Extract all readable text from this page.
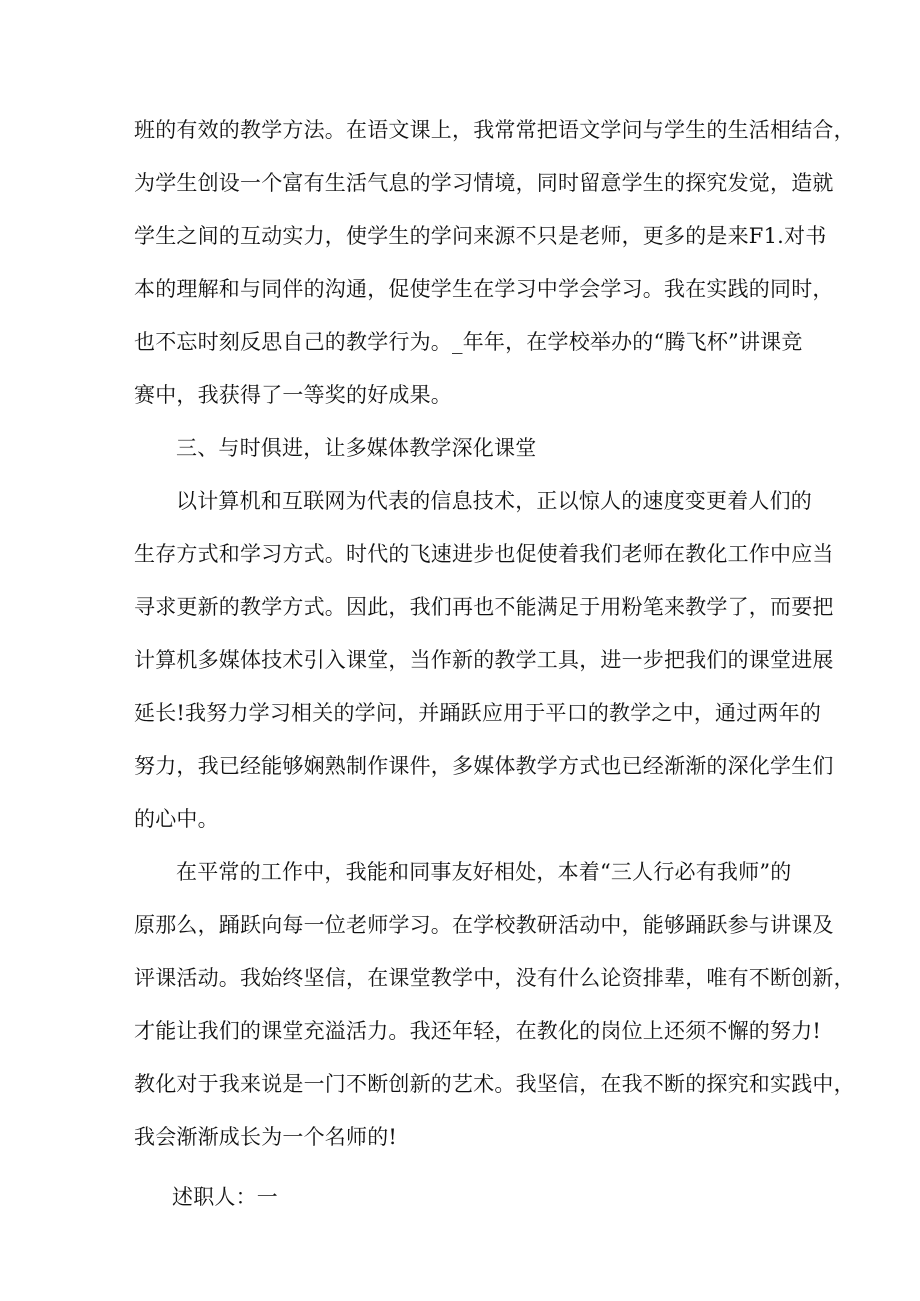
班的有效的教学方法。在语文课上，我常常把语文学问与学生的生活相结合，
为学生创设一个富有生活气息的学习情境，同时留意学生的探究发觉，造就
学生之间的互动实力，使学生的学问来源不只是老师，更多的是来F1.对书
本的理解和与同伴的沟通，促使学生在学习中学会学习。我在实践的同时，
也不忘时刻反思自己的教学行为。_年年，在学校举办的“腾飞杯”讲课竞
赛中，我获得了一等奖的好成果。
三、与时俱进，让多媒体教学深化课堂
以计算机和互联网为代表的信息技术，正以惊人的速度变更着人们的
生存方式和学习方式。时代的飞速进步也促使着我们老师在教化工作中应当
寻求更新的教学方式。因此，我们再也不能满足于用粉笔来教学了，而要把
计算机多媒体技术引入课堂，当作新的教学工具，进一步把我们的课堂进展
延长!我努力学习相关的学问，并踊跃应用于平口的教学之中，通过两年的
努力，我已经能够娴熟制作课件，多媒体教学方式也已经渐渐的深化学生们
的心中。
在平常的工作中，我能和同事友好相处，本着“三人行必有我师”的
原那么，踊跃向每一位老师学习。在学校教研活动中，能够踊跃参与讲课及
评课活动。我始终坚信，在课堂教学中，没有什么论资排辈，唯有不断创新，
才能让我们的课堂充溢活力。我还年轻，在教化的岗位上还须不懈的努力!
教化对于我来说是一门不断创新的艺术。我坚信，在我不断的探究和实践中，
我会渐渐成长为一个名师的!
述职人：一
